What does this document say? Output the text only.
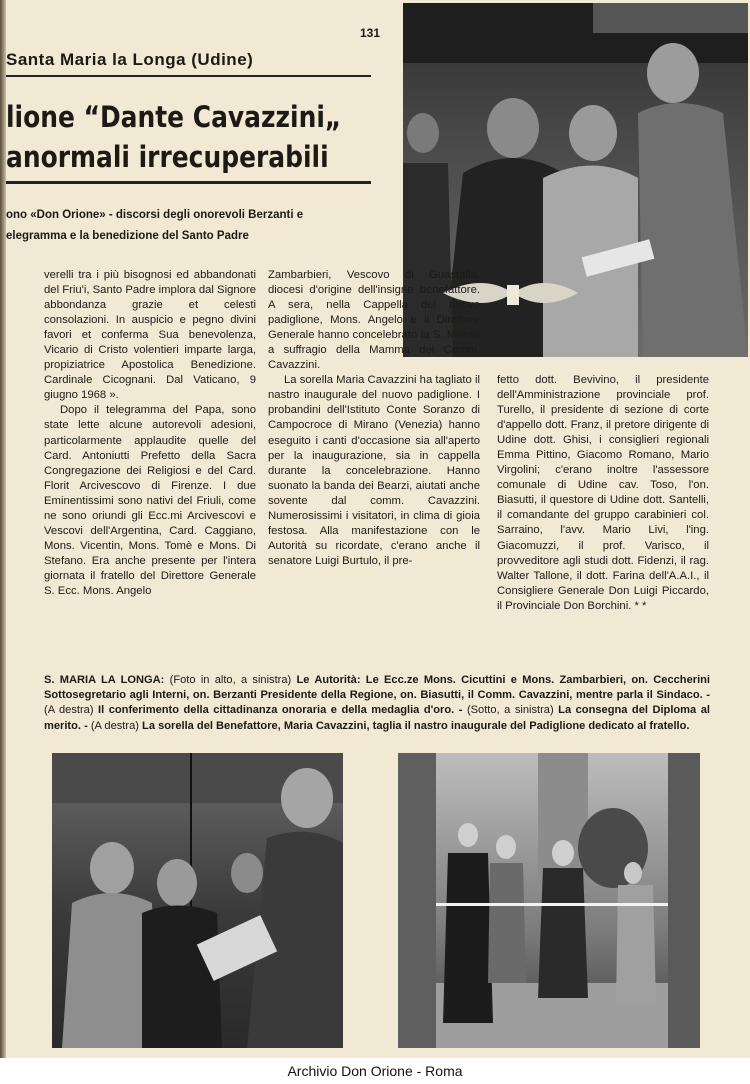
131
Santa Maria la Longa (Udine)
lione “Dante Cavazzini„
anormali irrecuperabili
ono «Don Orione» - discorsi degli onorevoli Berzanti e
elegramma e la benedizione del Santo Padre

verelli tra i più bisognosi ed abbandonati del Friu'i, Santo Padre implora dal Signore abbondanza grazie et celesti consolazioni. In auspicio e pegno divini favori et conferma Sua benevolenza, Vicario di Cristo volentieri imparte larga, propiziatrice Apostolica Benedizione. Cardinale Cicognani. Dal Vaticano, 9 giugno 1968 ».

Dopo il telegramma del Papa, sono state lette alcune autorevoli adesioni, particolarmente applaudite quelle del Card. Antoniutti Prefetto della Sacra Congregazione dei Religiosi e del Card. Florit Arcivescovo di Firenze. I due Eminentissimi sono nativi del Friuli, come ne sono oriundi gli Ecc.mi Arcivescovi e Vescovi dell'Argentina, Card. Caggiano, Mons. Vicentin, Mons. Tomè e Mons. Di Stefano. Era anche presente per l'intera giornata il fratello del Direttore Generale S. Ecc. Mons. Angelo

Zambarbieri, Vescovo di Guastalla, diocesi d'origine dell'insigne benefattore. A sera, nella Cappella del nuovo padiglione, Mons. Angelo e il Direttore Generale hanno concelebrato la S. Messa a suffragio della Mamma del Comm. Cavazzini.

La sorella Maria Cavazzini ha tagliato il nastro inaugurale del nuovo padiglione. I probandini dell'Istituto Conte Soranzo di Campocroce di Mirano (Venezia) hanno eseguito i canti d'occasione sia all'aperto per la inaugurazione, sia in cappella durante la concelebrazione. Hanno suonato la banda dei Bearzi, aiutati anche sovente dal comm. Cavazzini. Numerosissimi i visitatori, in clima di gioia festosa. Alla manifestazione con le Autorità su ricordate, c'erano anche il senatore Luigi Burtulo, il pre-

fetto dott. Bevivino, il presidente dell'Amministrazione provinciale prof. Turello, il presidente di sezione di corte d'appello dott. Franz, il pretore dirigente di Udine dott. Ghisi, i consiglieri regionali Emma Pittino, Giacomo Romano, Mario Virgolini; c'erano inoltre l'assessore comunale di Udine cav. Toso, l'on. Biasutti, il questore di Udine dott. Santelli, il comandante del gruppo carabinieri col. Sarraino, l'avv. Mario Livi, l'ing. Giacomuzzi, il prof. Varisco, il provveditore agli studi dott. Fidenzi, il rag. Walter Tallone, il dott. Farina dell'A.A.I., il Consigliere Generale Don Luigi Piccardo, il Provinciale Don Borchini. * *

S. MARIA LA LONGA: (Foto in alto, a sinistra) Le Autorità: Le Ecc.ze Mons. Cicuttini e Mons. Zambarbieri, on. Ceccherini Sottosegretario agli Interni, on. Berzanti Presidente della Regione, on. Biasutti, il Comm. Cavazzini, mentre parla il Sindaco. - (A destra) Il conferimento della cittadinanza onoraria e della medaglia d'oro. - (Sotto, a sinistra) La consegna del Diploma al merito. - (A destra) La sorella del Benefattore, Maria Cavazzini, taglia il nastro inaugurale del Padiglione dedicato al fratello.
Archivio Don Orione - Roma
